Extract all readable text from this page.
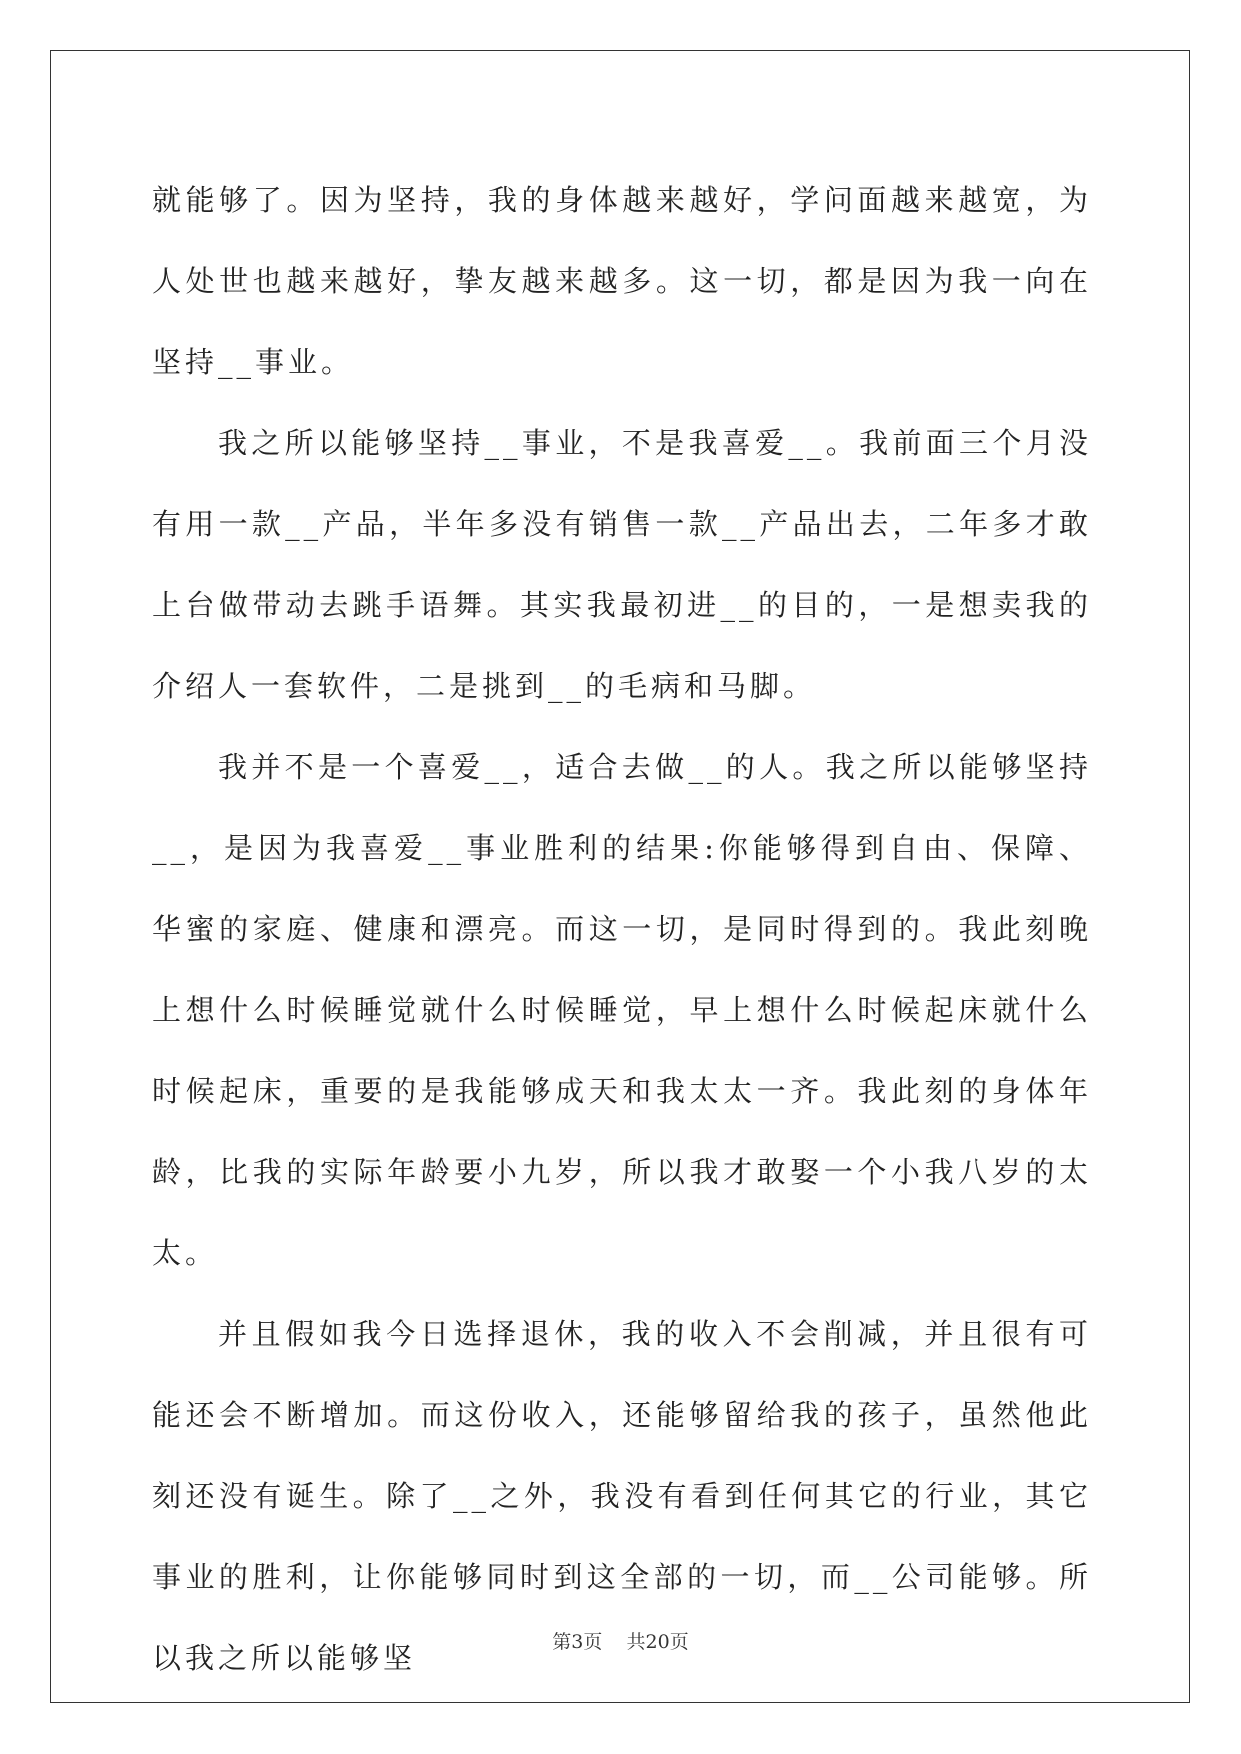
就能够了。因为坚持，我的身体越来越好，学问面越来越宽，为人处世也越来越好，挚友越来越多。这一切，都是因为我一向在坚持__事业。

我之所以能够坚持__事业，不是我喜爱__。我前面三个月没有用一款__产品，半年多没有销售一款__产品出去，二年多才敢上台做带动去跳手语舞。其实我最初进__的目的，一是想卖我的介绍人一套软件，二是挑到__的毛病和马脚。

我并不是一个喜爱__，适合去做__的人。我之所以能够坚持__，是因为我喜爱__事业胜利的结果:你能够得到自由、保障、华蜜的家庭、健康和漂亮。而这一切，是同时得到的。我此刻晚上想什么时候睡觉就什么时候睡觉，早上想什么时候起床就什么时候起床，重要的是我能够成天和我太太一齐。我此刻的身体年龄，比我的实际年龄要小九岁，所以我才敢娶一个小我八岁的太太。

并且假如我今日选择退休，我的收入不会削减，并且很有可能还会不断增加。而这份收入，还能够留给我的孩子，虽然他此刻还没有诞生。除了__之外，我没有看到任何其它的行业，其它事业的胜利，让你能够同时到这全部的一切，而__公司能够。所以我之所以能够坚	第3页 共20页
